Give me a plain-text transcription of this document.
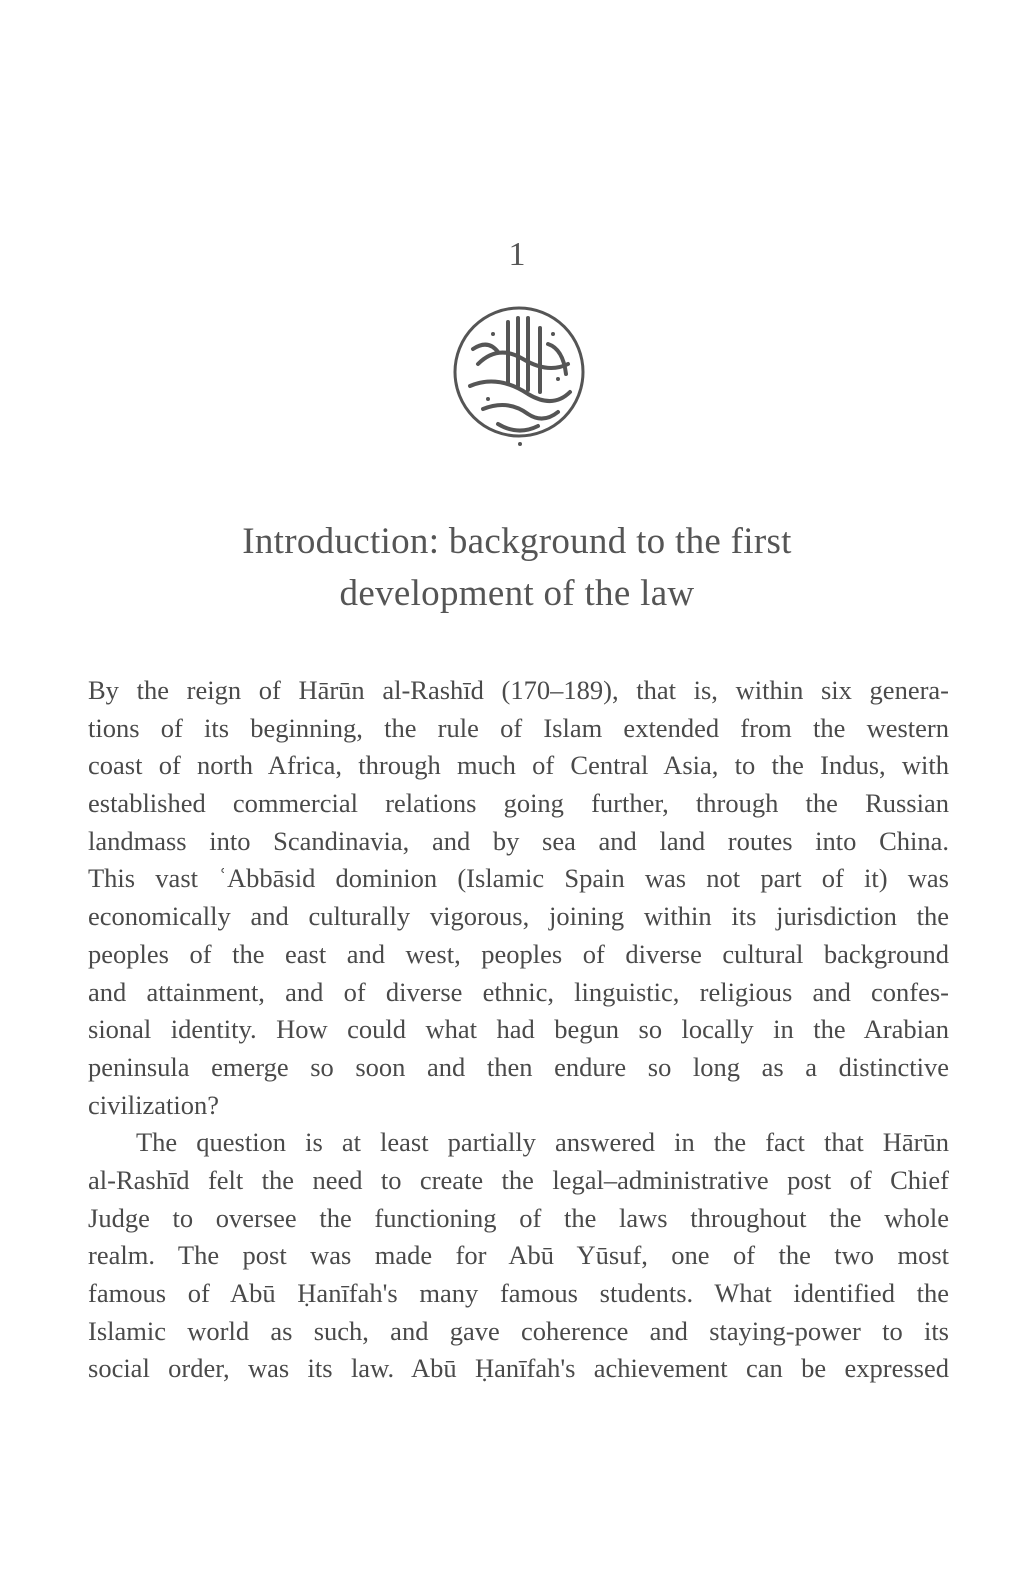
1
Introduction: background to the first
development of the law
By the reign of Hārūn al-Rashīd (170–189), that is, within six genera-
tions of its beginning, the rule of Islam extended from the western
coast of north Africa, through much of Central Asia, to the Indus, with
established commercial relations going further, through the Russian
landmass into Scandinavia, and by sea and land routes into China.
This vast ʿAbbāsid dominion (Islamic Spain was not part of it) was
economically and culturally vigorous, joining within its jurisdiction the
peoples of the east and west, peoples of diverse cultural background
and attainment, and of diverse ethnic, linguistic, religious and confes-
sional identity. How could what had begun so locally in the Arabian
peninsula emerge so soon and then endure so long as a distinctive
civilization?
The question is at least partially answered in the fact that Hārūn
al-Rashīd felt the need to create the legal–administrative post of Chief
Judge to oversee the functioning of the laws throughout the whole
realm. The post was made for Abū Yūsuf, one of the two most
famous of Abū Ḥanīfah's many famous students. What identified the
Islamic world as such, and gave coherence and staying-power to its
social order, was its law. Abū Ḥanīfah's achievement can be expressed
